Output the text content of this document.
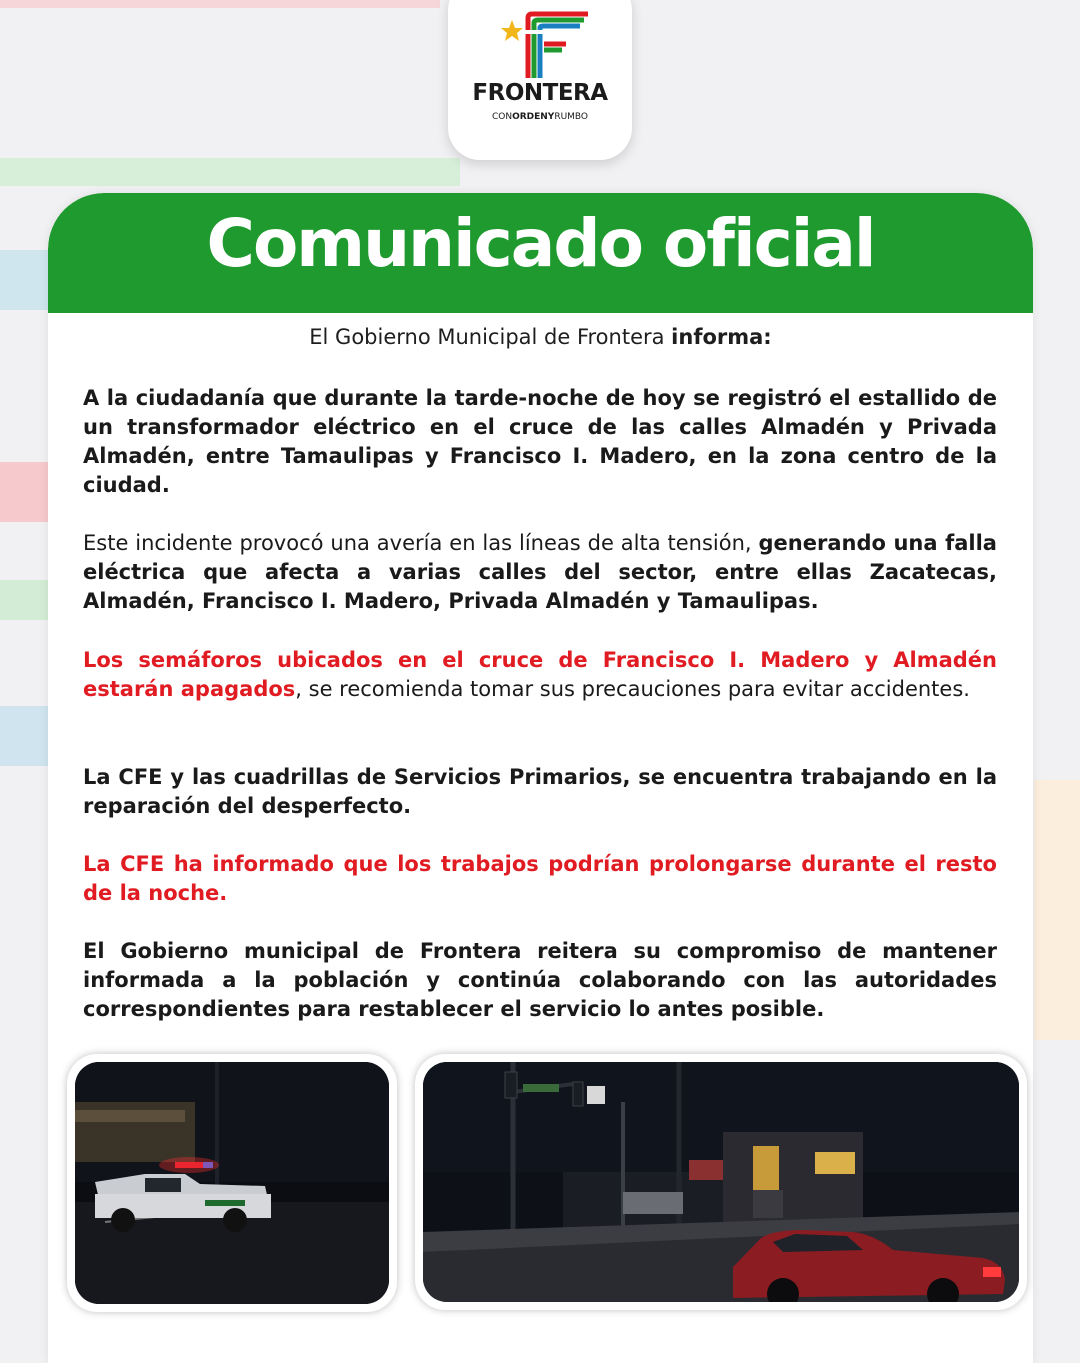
Comunicado oficial
FRONTERA
CONORDENYRUMBO
El Gobierno Municipal de Frontera informa:

A la ciudadanía que durante la tarde-noche de hoy se registró el estallido de un transformador eléctrico en el cruce de las calles Almadén y Privada Almadén, entre Tamaulipas y Francisco I. Madero, en la zona centro de la ciudad.

Este incidente provocó una avería en las líneas de alta tensión, generando una falla eléctrica que afecta a varias calles del sector, entre ellas Zacatecas, Almadén, Francisco I. Madero, Privada Almadén y Tamaulipas.

Los semáforos ubicados en el cruce de Francisco I. Madero y Almadén estarán apagados, se recomienda tomar sus precauciones para evitar accidentes.

La CFE y las cuadrillas de Servicios Primarios, se encuentra trabajando en la reparación del desperfecto.

La CFE ha informado que los trabajos podrían prolongarse durante el resto de la noche.

El Gobierno municipal de Frontera reitera su compromiso de mantener informada a la población y continúa colaborando con las autoridades correspondientes para restablecer el servicio lo antes posible.
